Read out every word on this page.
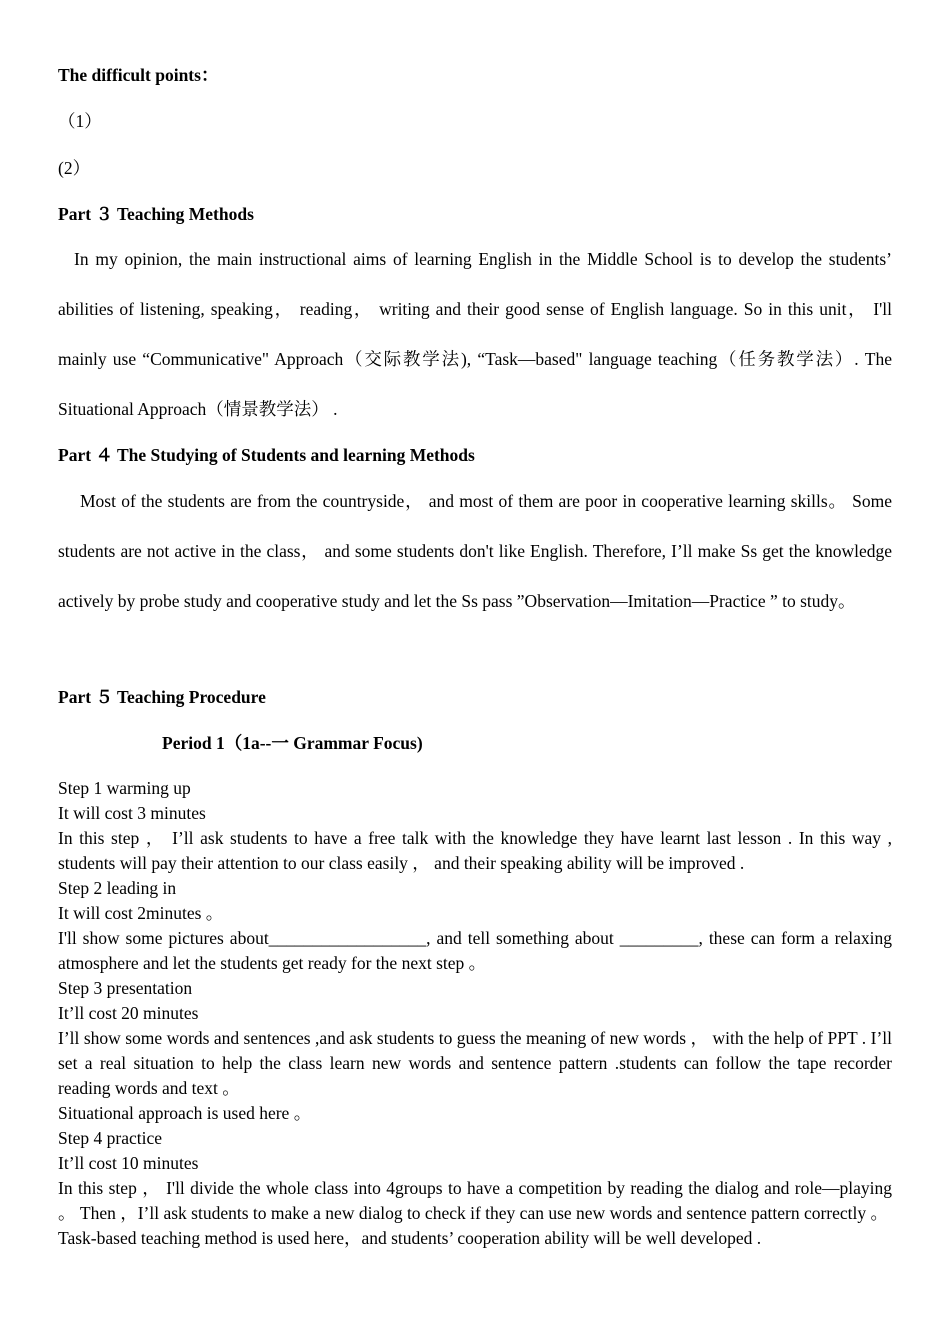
The difficult points：
（1）
(2）
Part ３ Teaching Methods
In my opinion, the main instructional aims of learning English in the Middle School is to develop the students’ abilities of listening, speaking， reading， writing and their good sense of English language. So in this unit， I'll mainly use “Communicative" Approach（交际教学法), “Task—based" language teaching（任务教学法）. The Situational Approach（情景教学法） .
Part ４ The Studying of Students and learning Methods
Most of the students are from the countryside， and most of them are poor in cooperative learning skills。 Some students are not active in the class， and some students don't like English. Therefore, I’ll make Ss get the knowledge actively by probe study and cooperative study and let the Ss pass ”Observation—Imitation—Practice ” to study。
Part ５ Teaching Procedure
Period 1（1a--一 Grammar Focus)
Step 1 warming up
It will cost 3 minutes
In this step ， I’ll ask students to have a free talk with the knowledge they have learnt last lesson . In this way , students will pay their attention to our class easily ， and their speaking ability will be improved .
Step 2 leading in
It will cost 2minutes 。
I'll show some pictures about__________________, and tell something about _________, these can form a relaxing atmosphere and let the students get ready for the next step 。
Step 3 presentation
It’ll cost 20 minutes
I’ll show some words and sentences ,and ask students to guess the meaning of new words ， with the help of PPT . I’ll set a real situation to help the class learn new words and sentence pattern .students can follow the tape recorder reading words and text 。
Situational approach is used here 。
Step 4 practice
It’ll cost 10 minutes
In this step ， I'll divide the whole class into 4groups to have a competition by reading the dialog and role—playing 。 Then ，I’ll ask students to make a new dialog to check if they can use new words and sentence pattern correctly 。
Task-based teaching method is used here，and students’ cooperation ability will be well developed .
